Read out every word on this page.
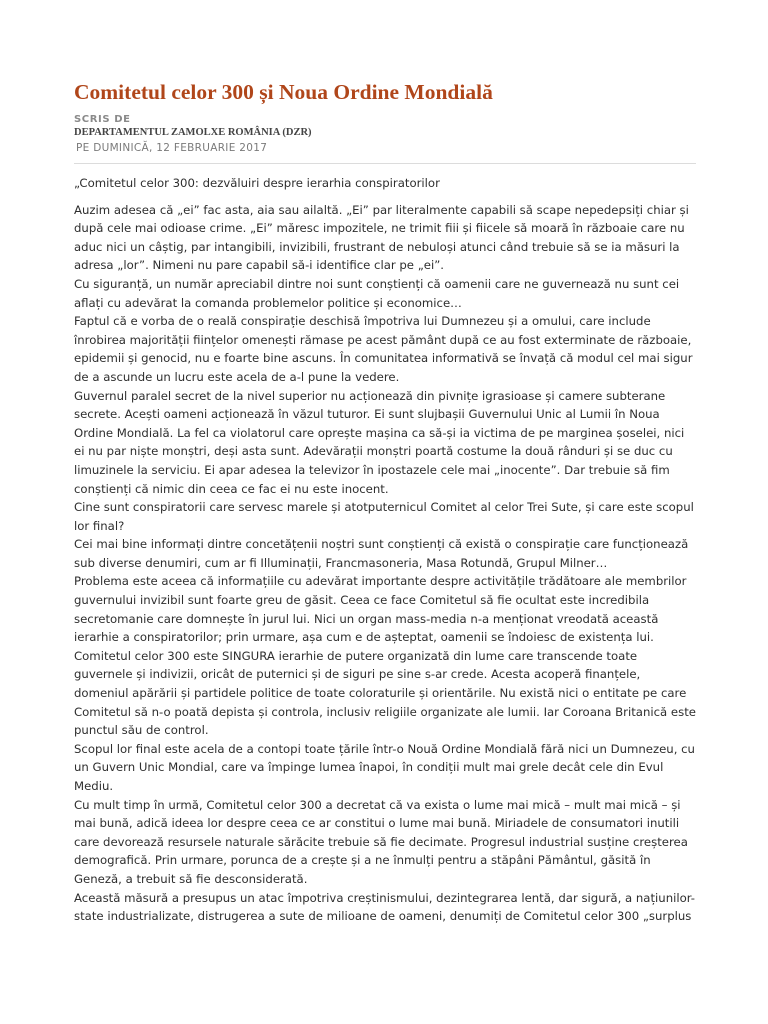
Comitetul celor 300 și Noua Ordine Mondială
SCRIS DE
DEPARTAMENTUL ZAMOLXE ROMÂNIA (DZR)
PE DUMINICĂ, 12 FEBRUARIE 2017

„Comitetul celor 300: dezvăluiri despre ierarhia conspiratorilor

Auzim adesea că „ei” fac asta, aia sau ailaltă. „Ei” par literalmente capabili să scape nepedepsiți chiar și după cele mai odioase crime. „Ei” măresc impozitele, ne trimit fiii și fiicele să moară în războaie care nu aduc nici un câștig, par intangibili, invizibili, frustrant de nebuloși atunci când trebuie să se ia măsuri la adresa „lor”. Nimeni nu pare capabil să-i identifice clar pe „ei”.

Cu siguranță, un număr apreciabil dintre noi sunt conștienți că oamenii care ne guvernează nu sunt cei aflați cu adevărat la comanda problemelor politice și economice…

Faptul că e vorba de o reală conspirație deschisă împotriva lui Dumnezeu și a omului, care include înrobirea majorității ființelor omenești rămase pe acest pământ după ce au fost exterminate de războaie, epidemii și genocid, nu e foarte bine ascuns. În comunitatea informativă se învață că modul cel mai sigur de a ascunde un lucru este acela de a-l pune la vedere.

Guvernul paralel secret de la nivel superior nu acționează din pivnițe igrasioase și camere subterane secrete. Acești oameni acționează în văzul tuturor. Ei sunt slujbașii Guvernului Unic al Lumii în Noua Ordine Mondială. La fel ca violatorul care oprește mașina ca să-și ia victima de pe marginea șoselei, nici ei nu par niște monștri, deși asta sunt. Adevărații monștri poartă costume la două rânduri și se duc cu limuzinele la serviciu. Ei apar adesea la televizor în ipostazele cele mai „inocente”. Dar trebuie să fim conștienți că nimic din ceea ce fac ei nu este inocent.

Cine sunt conspiratorii care servesc marele și atotputernicul Comitet al celor Trei Sute, și care este scopul lor final?

Cei mai bine informați dintre concetățenii noștri sunt conștienți că există o conspirație care funcționează sub diverse denumiri, cum ar fi Illuminații, Francmasoneria, Masa Rotundă, Grupul Milner…

Problema este aceea că informațiile cu adevărat importante despre activitățile trădătoare ale membrilor guvernului invizibil sunt foarte greu de găsit. Ceea ce face Comitetul să fie ocultat este incredibila secretomanie care domnește în jurul lui. Nici un organ mass-media n-a menționat vreodată această ierarhie a conspiratorilor; prin urmare, așa cum e de așteptat, oamenii se îndoiesc de existența lui.

Comitetul celor 300 este SINGURA ierarhie de putere organizată din lume care transcende toate guvernele și indivizii, oricât de puternici și de siguri pe sine s-ar crede. Acesta acoperă finanțele, domeniul apărării și partidele politice de toate coloraturile și orientările. Nu există nici o entitate pe care Comitetul să n-o poată depista și controla, inclusiv religiile organizate ale lumii. Iar Coroana Britanică este punctul său de control.

Scopul lor final este acela de a contopi toate țările într-o Nouă Ordine Mondială fără nici un Dumnezeu, cu un Guvern Unic Mondial, care va împinge lumea înapoi, în condiții mult mai grele decât cele din Evul Mediu.

Cu mult timp în urmă, Comitetul celor 300 a decretat că va exista o lume mai mică – mult mai mică – și mai bună, adică ideea lor despre ceea ce ar constitui o lume mai bună. Miriadele de consumatori inutili care devorează resursele naturale sărăcite trebuie să fie decimate. Progresul industrial susține creșterea demografică. Prin urmare, porunca de a crește și a ne înmulți pentru a stăpâni Pământul, găsită în Geneză, a trebuit să fie desconsiderată.

Această măsură a presupus un atac împotriva creștinismului, dezintegrarea lentă, dar sigură, a națiunilor-state industrializate, distrugerea a sute de milioane de oameni, denumiți de Comitetul celor 300 „surplus
